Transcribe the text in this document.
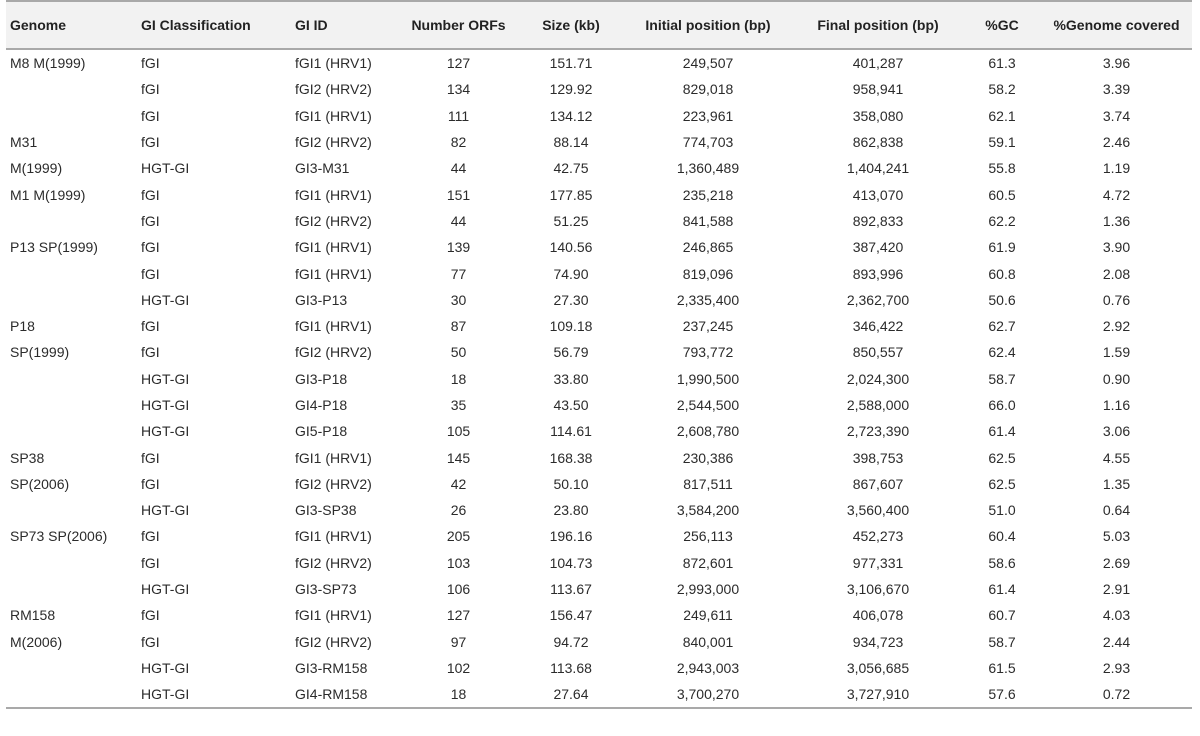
Genome	GI Classification	GI ID	Number ORFs	Size (kb)	Initial position (bp)	Final position (bp)	%GC	%Genome covered
M8 M(1999)	fGI	fGI1 (HRV1)	127	151.71	249,507	401,287	61.3	3.96
	fGI	fGI2 (HRV2)	134	129.92	829,018	958,941	58.2	3.39
	fGI	fGI1 (HRV1)	111	134.12	223,961	358,080	62.1	3.74
M31	fGI	fGI2 (HRV2)	82	88.14	774,703	862,838	59.1	2.46
M(1999)	HGT-GI	GI3-M31	44	42.75	1,360,489	1,404,241	55.8	1.19
M1 M(1999)	fGI	fGI1 (HRV1)	151	177.85	235,218	413,070	60.5	4.72
	fGI	fGI2 (HRV2)	44	51.25	841,588	892,833	62.2	1.36
P13 SP(1999)	fGI	fGI1 (HRV1)	139	140.56	246,865	387,420	61.9	3.90
	fGI	fGI1 (HRV1)	77	74.90	819,096	893,996	60.8	2.08
	HGT-GI	GI3-P13	30	27.30	2,335,400	2,362,700	50.6	0.76
P18	fGI	fGI1 (HRV1)	87	109.18	237,245	346,422	62.7	2.92
SP(1999)	fGI	fGI2 (HRV2)	50	56.79	793,772	850,557	62.4	1.59
	HGT-GI	GI3-P18	18	33.80	1,990,500	2,024,300	58.7	0.90
	HGT-GI	GI4-P18	35	43.50	2,544,500	2,588,000	66.0	1.16
	HGT-GI	GI5-P18	105	114.61	2,608,780	2,723,390	61.4	3.06
SP38	fGI	fGI1 (HRV1)	145	168.38	230,386	398,753	62.5	4.55
SP(2006)	fGI	fGI2 (HRV2)	42	50.10	817,511	867,607	62.5	1.35
	HGT-GI	GI3-SP38	26	23.80	3,584,200	3,560,400	51.0	0.64
SP73 SP(2006)	fGI	fGI1 (HRV1)	205	196.16	256,113	452,273	60.4	5.03
	fGI	fGI2 (HRV2)	103	104.73	872,601	977,331	58.6	2.69
	HGT-GI	GI3-SP73	106	113.67	2,993,000	3,106,670	61.4	2.91
RM158	fGI	fGI1 (HRV1)	127	156.47	249,611	406,078	60.7	4.03
M(2006)	fGI	fGI2 (HRV2)	97	94.72	840,001	934,723	58.7	2.44
	HGT-GI	GI3-RM158	102	113.68	2,943,003	3,056,685	61.5	2.93
	HGT-GI	GI4-RM158	18	27.64	3,700,270	3,727,910	57.6	0.72
